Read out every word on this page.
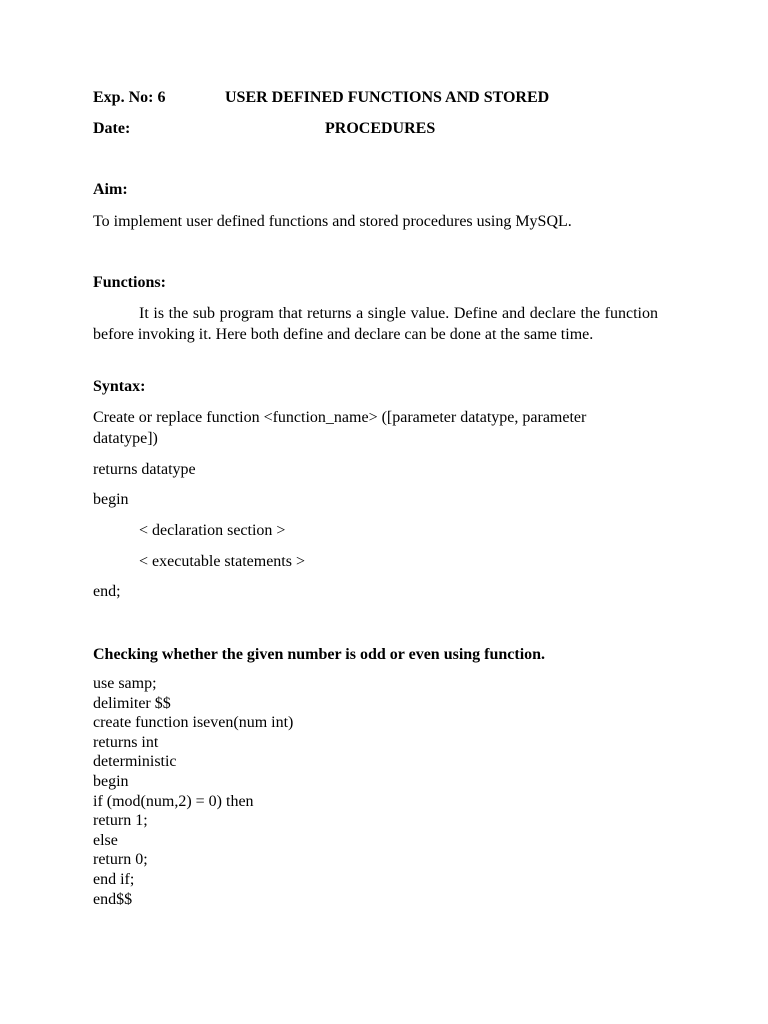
Exp. No: 6	USER DEFINED FUNCTIONS AND STORED
Date:	PROCEDURES
Aim:
To implement user defined functions and stored procedures using MySQL.
Functions:
It is the sub program that returns a single value. Define and declare the function before invoking it. Here both define and declare can be done at the same time.
Syntax:
Create or replace function <function_name> ([parameter datatype, parameter
datatype])
returns datatype
begin
< declaration section >
< executable statements >
end;
Checking whether the given number is odd or even using function.
use samp;
delimiter $$
create function iseven(num int)
returns int
deterministic
begin
if (mod(num,2) = 0) then
return 1;
else
return 0;
end if;
end$$
